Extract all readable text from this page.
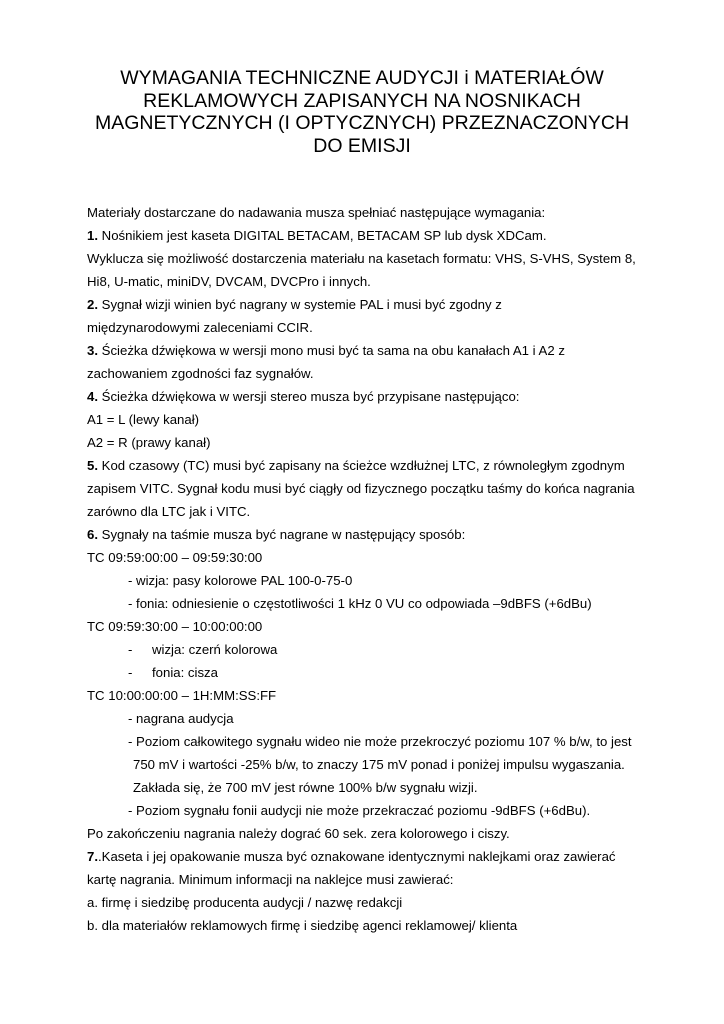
WYMAGANIA TECHNICZNE AUDYCJI i MATERIAŁÓW
REKLAMOWYCH ZAPISANYCH NA NOSNIKACH
MAGNETYCZNYCH (I OPTYCZNYCH) PRZEZNACZONYCH
DO EMISJI
Materiały dostarczane do nadawania musza spełniać następujące wymagania:
1. Nośnikiem jest kaseta DIGITAL BETACAM, BETACAM SP lub dysk XDCam.
Wyklucza się możliwość dostarczenia materiału na kasetach formatu: VHS, S-VHS, System 8,
Hi8, U-matic, miniDV, DVCAM, DVCPro i innych.
2. Sygnał wizji winien być nagrany w systemie PAL i musi być zgodny z
międzynarodowymi zaleceniami CCIR.
3. Ścieżka dźwiękowa w wersji mono musi być ta sama na obu kanałach A1 i A2 z
zachowaniem zgodności faz sygnałów.
4. Ścieżka dźwiękowa w wersji stereo musza być przypisane następująco:
A1 = L (lewy kanał)
A2 = R (prawy kanał)
5. Kod czasowy (TC) musi być zapisany na ścieżce wzdłużnej LTC, z równoległym zgodnym
zapisem VITC. Sygnał kodu musi być ciągły od fizycznego początku taśmy do końca nagrania
zarówno dla LTC jak i VITC.
6. Sygnały na taśmie musza być nagrane w następujący sposób:
TC 09:59:00:00 – 09:59:30:00
- wizja: pasy kolorowe PAL 100-0-75-0
- fonia: odniesienie o częstotliwości 1 kHz 0 VU co odpowiada –9dBFS (+6dBu)
TC 09:59:30:00 – 10:00:00:00
- wizja: czerń kolorowa
- fonia: cisza
TC 10:00:00:00 – 1H:MM:SS:FF
- nagrana audycja
- Poziom całkowitego sygnału wideo nie może przekroczyć poziomu 107 % b/w, to jest
750 mV i wartości -25% b/w, to znaczy 175 mV ponad i poniżej impulsu wygaszania.
Zakłada się, że 700 mV jest równe 100% b/w sygnału wizji.
- Poziom sygnału fonii audycji nie może przekraczać poziomu -9dBFS (+6dBu).
Po zakończeniu nagrania należy dograć 60 sek. zera kolorowego i ciszy.
7..Kaseta i jej opakowanie musza być oznakowane identycznymi naklejkami oraz zawierać
kartę nagrania. Minimum informacji na naklejce musi zawierać:
a. firmę i siedzibę producenta audycji / nazwę redakcji
b. dla materiałów reklamowych firmę i siedzibę agenci reklamowej/ klienta
